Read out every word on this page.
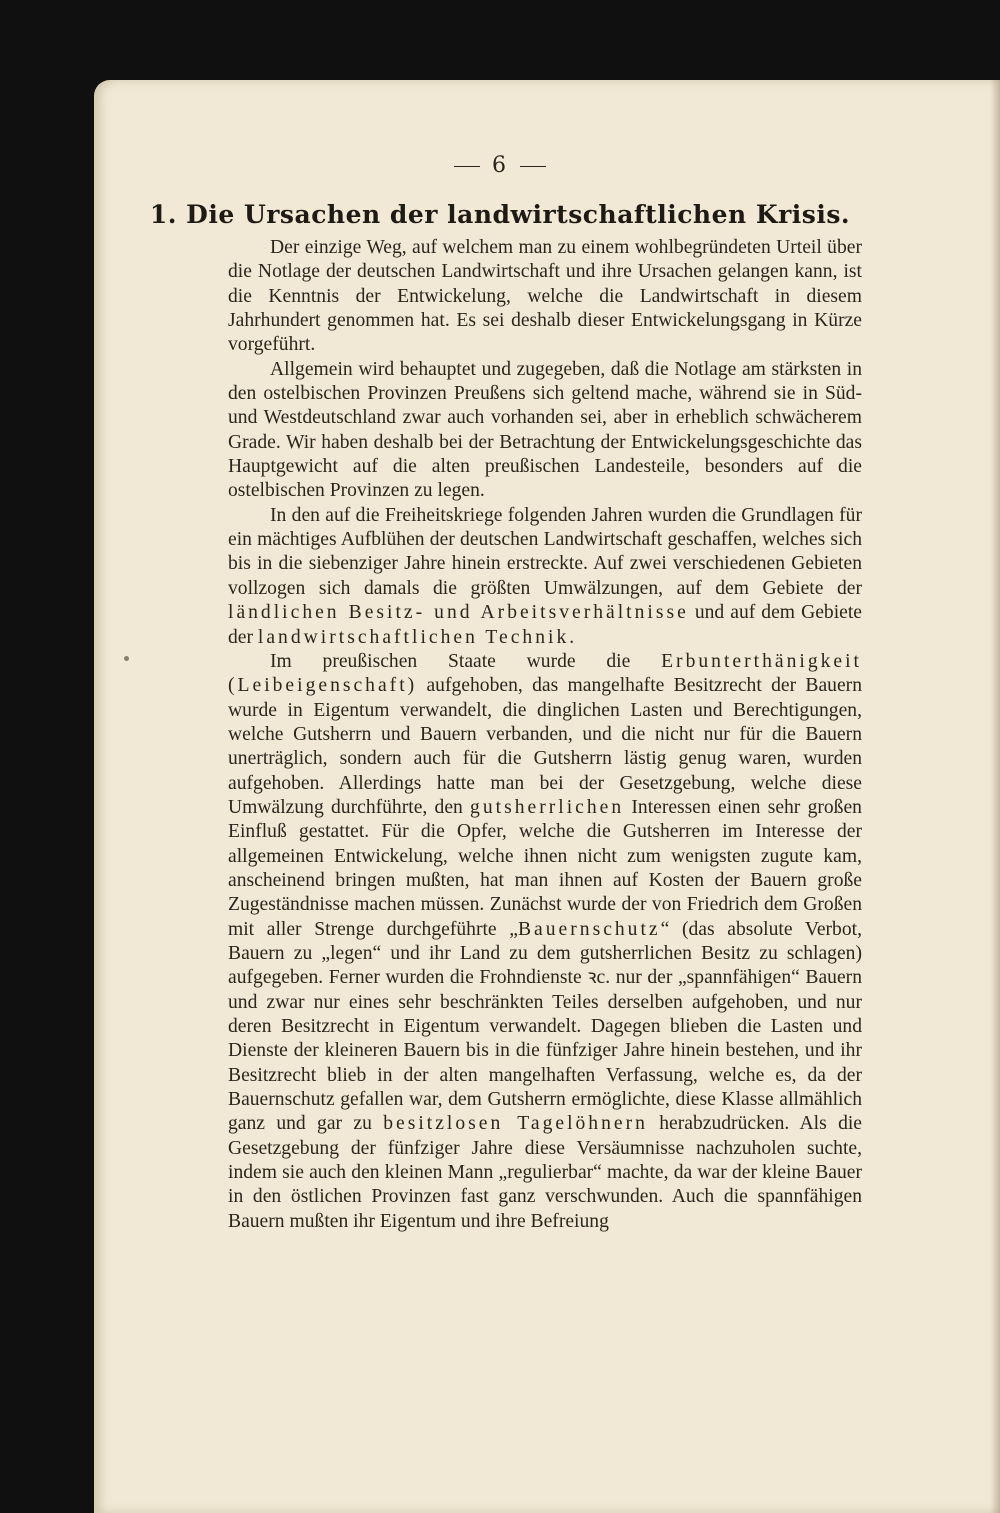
6
1. Die Ursachen der landwirtschaftlichen Krisis.

Der einzige Weg, auf welchem man zu einem wohlbegründeten Urteil über die Notlage der deutschen Landwirtschaft und ihre Ursachen gelangen kann, ist die Kenntnis der Entwickelung, welche die Landwirtschaft in diesem Jahrhundert genommen hat. Es sei deshalb dieser Entwickelungsgang in Kürze vorgeführt.

Allgemein wird behauptet und zugegeben, daß die Notlage am stärksten in den ostelbischen Provinzen Preußens sich geltend mache, während sie in Süd- und Westdeutschland zwar auch vorhanden sei, aber in erheblich schwächerem Grade. Wir haben deshalb bei der Betrachtung der Entwickelungsgeschichte das Hauptgewicht auf die alten preußischen Landesteile, besonders auf die ostelbischen Provinzen zu legen.

In den auf die Freiheitskriege folgenden Jahren wurden die Grundlagen für ein mächtiges Aufblühen der deutschen Landwirtschaft geschaffen, welches sich bis in die siebenziger Jahre hinein erstreckte. Auf zwei verschiedenen Gebieten vollzogen sich damals die größten Umwälzungen, auf dem Gebiete der ländlichen Besitz- und Arbeitsverhältnisse und auf dem Gebiete der landwirtschaftlichen Technik.

Im preußischen Staate wurde die Erbunterthänigkeit (Leibeigenschaft) aufgehoben, das mangelhafte Besitzrecht der Bauern wurde in Eigentum verwandelt, die dinglichen Lasten und Berechtigungen, welche Gutsherrn und Bauern verbanden, und die nicht nur für die Bauern unerträglich, sondern auch für die Gutsherrn lästig genug waren, wurden aufgehoben. Allerdings hatte man bei der Gesetzgebung, welche diese Umwälzung durchführte, den gutsherrlichen Interessen einen sehr großen Einfluß gestattet. Für die Opfer, welche die Gutsherren im Interesse der allgemeinen Entwickelung, welche ihnen nicht zum wenigsten zugute kam, anscheinend bringen mußten, hat man ihnen auf Kosten der Bauern große Zugeständnisse machen müssen. Zunächst wurde der von Friedrich dem Großen mit aller Strenge durchgeführte „Bauernschutz“ (das absolute Verbot, Bauern zu „legen“ und ihr Land zu dem gutsherrlichen Besitz zu schlagen) aufgegeben. Ferner wurden die Frohndienste ꝛc. nur der „spannfähigen“ Bauern und zwar nur eines sehr beschränkten Teiles derselben aufgehoben, und nur deren Besitzrecht in Eigentum verwandelt. Dagegen blieben die Lasten und Dienste der kleineren Bauern bis in die fünfziger Jahre hinein bestehen, und ihr Besitzrecht blieb in der alten mangelhaften Verfassung, welche es, da der Bauernschutz gefallen war, dem Gutsherrn ermöglichte, diese Klasse allmählich ganz und gar zu besitzlosen Tagelöhnern herabzudrücken. Als die Gesetzgebung der fünfziger Jahre diese Versäumnisse nachzuholen suchte, indem sie auch den kleinen Mann „regulierbar“ machte, da war der kleine Bauer in den östlichen Provinzen fast ganz verschwunden. Auch die spannfähigen Bauern mußten ihr Eigentum und ihre Befreiung
